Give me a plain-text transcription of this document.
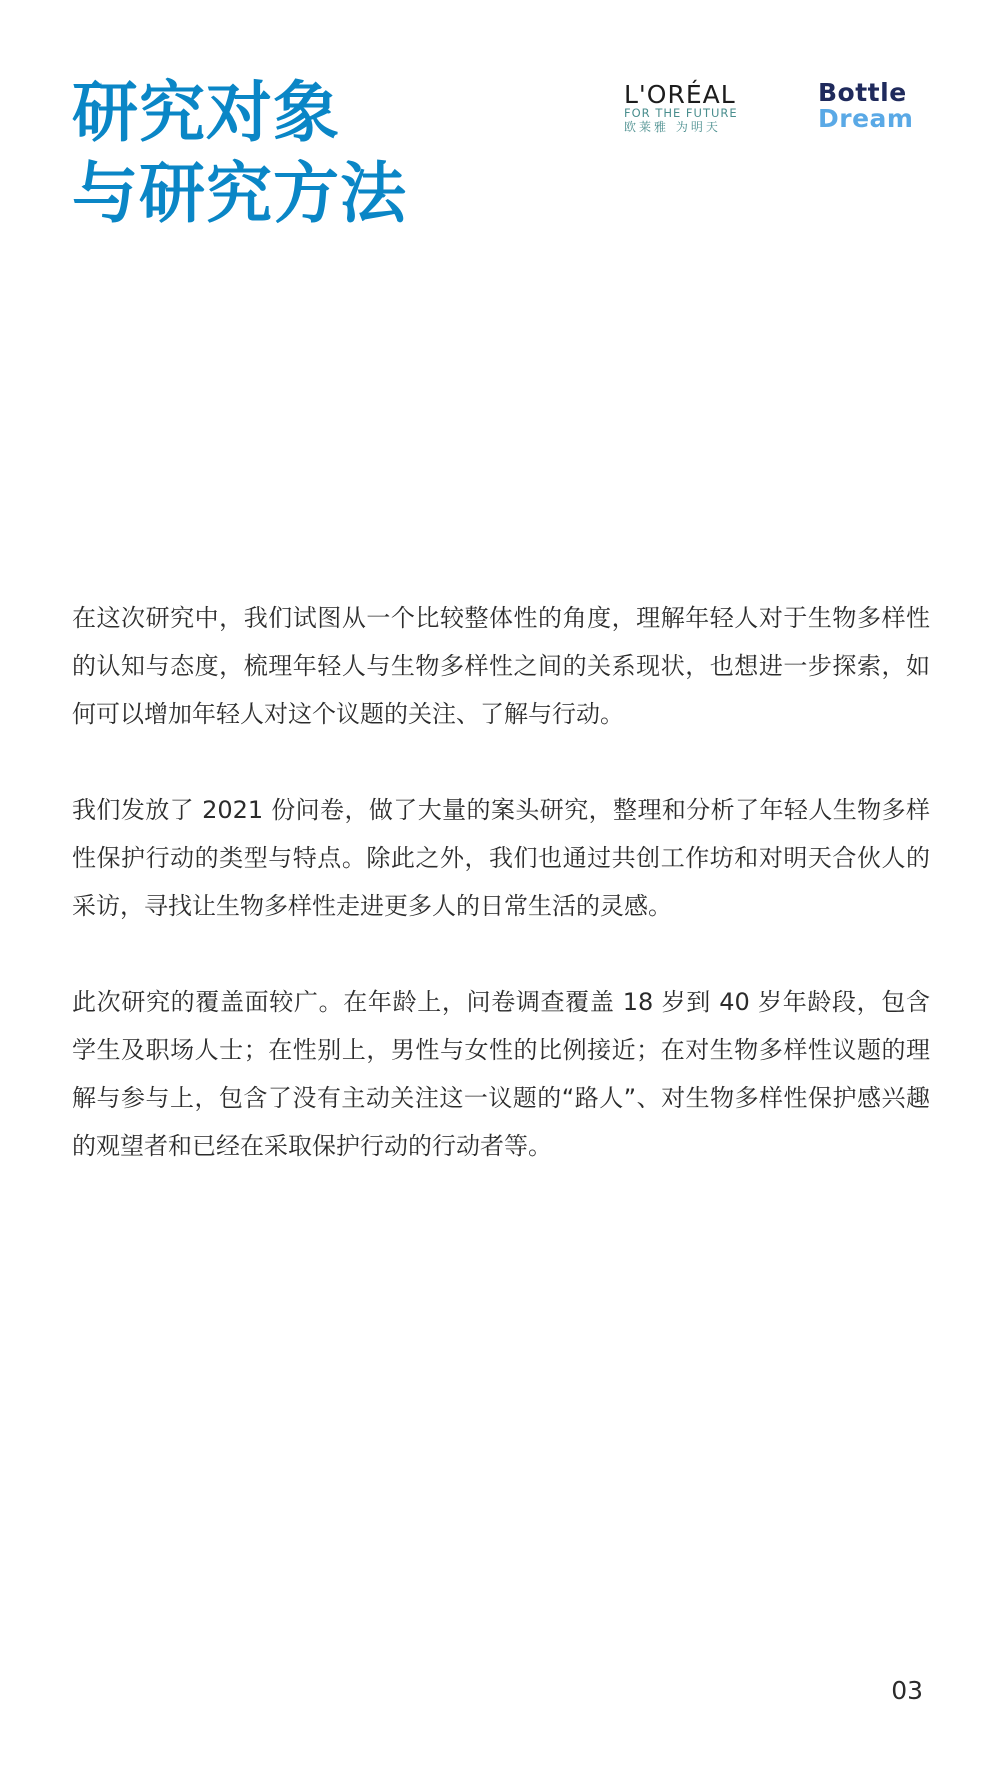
研究对象
与研究方法
L'ORÉAL
FOR THE FUTURE
欧莱雅 为明天
Bottle
Dream

在这次研究中，我们试图从一个比较整体性的角度，理解年轻人对于生物多样性的认知与态度，梳理年轻人与生物多样性之间的关系现状，也想进一步探索，如何可以增加年轻人对这个议题的关注、了解与行动。

我们发放了 2021 份问卷，做了大量的案头研究，整理和分析了年轻人生物多样性保护行动的类型与特点。除此之外，我们也通过共创工作坊和对明天合伙人的采访，寻找让生物多样性走进更多人的日常生活的灵感。

此次研究的覆盖面较广。在年龄上，问卷调查覆盖 18 岁到 40 岁年龄段，包含学生及职场人士；在性别上，男性与女性的比例接近；在对生物多样性议题的理解与参与上，包含了没有主动关注这一议题的“路人”、对生物多样性保护感兴趣的观望者和已经在采取保护行动的行动者等。

03
